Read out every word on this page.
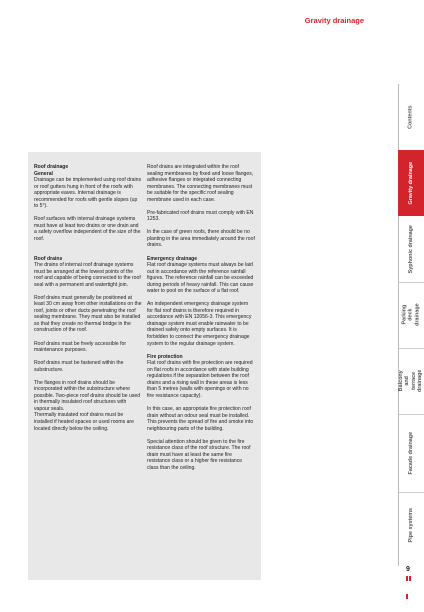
Gravity drainage
Roof drainage
General

Drainage can be implemented using roof drains or roof gutters hung in front of the roofs with appropriate eaves. Internal drainage is recommended for roofs with gentle slopes (up to 5°).

Roof surfaces with internal drainage systems must have at least two drains or one drain and a safety overflow independent of the size of the roof.

Roof drains

The drains of internal roof drainage systems must be arranged at the lowest points of the roof and capable of being connected to the roof seal with a permanent and watertight join.

Roof drains must generally be positioned at least 30 cm away from other installations on the roof, joints or other ducts penetrating the roof sealing membrane. They must also be installed so that they create no thermal bridge in the construction of the roof.

Roof drains must be freely accessible for maintenance purposes.

Roof drains must be fastened within the substructure.

The flanges in roof drains should be incorporated within the substructure where possible. Two-piece roof drains should be used in thermally insulated roof structures with vapour seals.

Thermally insulated roof drains must be installed if heated spaces or used rooms are located directly below the ceiling.

Roof drains are integrated within the roof sealing membranes by fixed and loose flanges, adhesive flanges or integrated connecting membranes. The connecting membranes must be suitable for the specific roof sealing membrane used in each case.

Pre-fabricated roof drains must comply with EN 1253.

In the case of green roofs, there should be no planting in the area immediately around the roof drains.

Emergency drainage

Flat roof drainage systems must always be laid out in accordance with the reference rainfall figures. The reference rainfall can be exceeded during periods of heavy rainfall. This can cause water to pool on the surface of a flat roof.

An independent emergency drainage system for flat roof drains is therefore required in accordance with EN 12056-3. This emergency drainage system must enable rainwater to be drained safely onto empty surfaces. It is forbidden to connect the emergency drainage system to the regular drainage system.

Fire protection

Flat roof drains with fire protection are required on flat roofs in accordance with state building regulations if the separation between the roof drains and a rising wall in these areas is less than 5 metres (walls with openings or with no fire resistance capacity).

In this case, an appropriate fire protection roof drain without an odour seal must be installed. This prevents the spread of fire and smoke into neighbouring parts of the building.

Special attention should be given to the fire resistance class of the roof structure. The roof drain must have at least the same fire resistance class or a higher fire resistance class than the ceiling.

Contents
Gravity drainage
Syphonic drainage
Parking deck drainage
Balcony and terrace drainage
Facade drainage
Pipe systems
9
